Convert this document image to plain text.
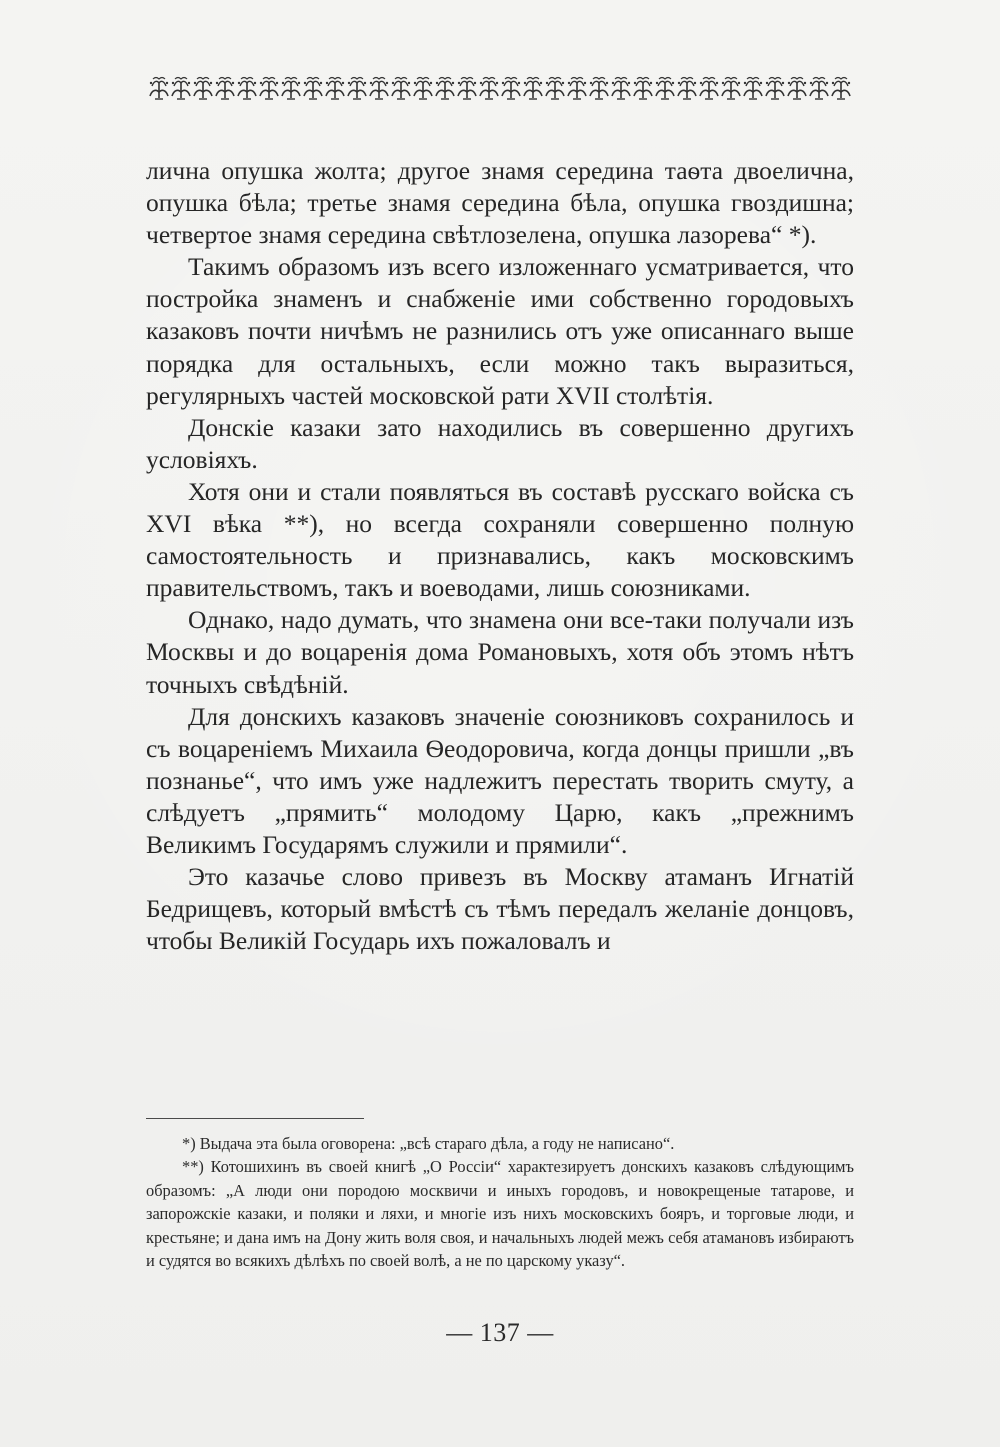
лична опушка жолта; другое знамя середина таѳта двоелична, опушка бѣла; третье знамя середина бѣла, опушка гвоздишна; четвертое знамя середина свѣтлозелена, опушка лазорева“ *).

Такимъ образомъ изъ всего изложеннаго усматривается, что постройка знаменъ и снабженіе ими собственно городовыхъ казаковъ почти ничѣмъ не разнились отъ уже описаннаго выше порядка для остальныхъ, если можно такъ выразиться, регулярныхъ частей московской рати XVII столѣтія.

Донскіе казаки зато находились въ совершенно другихъ условіяхъ.

Хотя они и стали появляться въ составѣ русскаго войска съ XVI вѣка **), но всегда сохраняли совершенно полную самостоятельность и признавались, какъ московскимъ правительствомъ, такъ и воеводами, лишь союзниками.

Однако, надо думать, что знамена они все-таки получали изъ Москвы и до воцаренія дома Романовыхъ, хотя объ этомъ нѣтъ точныхъ свѣдѣній.

Для донскихъ казаковъ значеніе союзниковъ сохранилось и съ воцареніемъ Михаила Ѳеодоровича, когда донцы пришли „въ познанье“, что имъ уже надлежитъ перестать творить смуту, а слѣдуетъ „прямить“ молодому Царю, какъ „прежнимъ Великимъ Государямъ служили и прямили“.

Это казачье слово привезъ въ Москву атаманъ Игнатій Бедрищевъ, который вмѣстѣ съ тѣмъ передалъ желаніе донцовъ, чтобы Великій Государь ихъ пожаловалъ и

*) Выдача эта была оговорена: „всѣ стараго дѣла, а году не написано“.

**) Котошихинъ въ своей книгѣ „О Россіи“ характезируетъ донскихъ казаковъ слѣдующимъ образомъ: „А люди они породою москвичи и иныхъ городовъ, и новокрещеные татарове, и запорожскіе казаки, и поляки и ляхи, и многіе изъ нихъ московскихъ бояръ, и торговые люди, и крестьяне; и дана имъ на Дону жить воля своя, и начальныхъ людей межъ себя атамановъ избираютъ и судятся во всякихъ дѣлѣхъ по своей волѣ, а не по царскому указу“.

— 137 —
